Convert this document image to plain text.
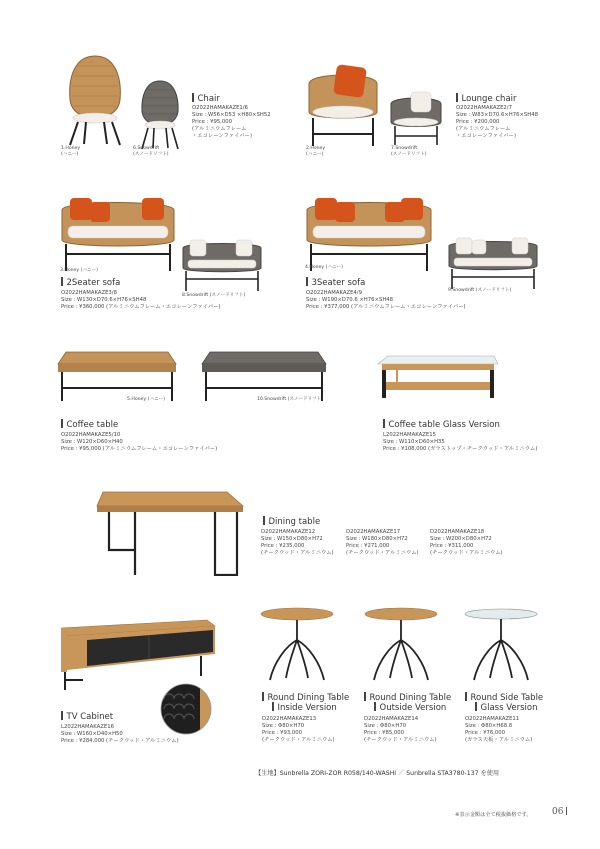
1.Honey
(ハニー)
6.Snowdrift
(スノードリフト)
Chair
O2022HAMAKAZE1/6
Size : W56×D53 ×H80×SH52
Price : ¥95,000
(アルミニウムフレーム
・エコレーンファイバー)
2.Honey
(ハニー)
7.Snowdrift
(スノードリフト)
Lounge chair
O2022HAMAKAZE2/7
Size : W83×D70.6×H76×SH48
Price : ¥200,000
(アルミニウムフレーム
・エコレーンファイバー)
3.Honey (ハニー)
8.Snowdrift (スノードリフト)
2Seater sofa
O2022HAMAKAZE3/8
Size : W130×D70.6×H76×SH48
Price : ¥360,000 (アルミニウムフレーム・エコレーンファイバー)
4.Honey (ハニー)
9.Snowdrift (スノードリフト)
3Seater sofa
O2022HAMAKAZE4/9
Size : W190×D70.6 ×H76×SH48
Price : ¥377,000 (アルミニウムフレーム・エコレーンファイバー)
5.Honey (ハニー)	10.Snowdrift (スノードリフト)
Coffee table
O2022HAMAKAZE5/10
Size : W120×D60×H40
Price : ¥95,000 (アルミニウムフレーム・エコレーンファイバー)
Coffee table Glass Version
L2022HAMAKAZE15
Size : W110×D60×H35
Price : ¥108,000 (ガラストップ・チークウッド・アルミニウム)
Dining table
D2022HAMAKAZE12
Size : W150×D80×H72
Price : ¥235,000
(チークウッド・アルミニウム)
D2022HAMAKAZE17
Size : W180×D80×H72
Price : ¥271,000
(チークウッド・アルミニウム)
D2022HAMAKAZE18
Size : W200×D80×H72
Price : ¥311,000
(チークウッド・アルミニウム)
TV Cabinet
L2022HAMAKAZE16
Size : W160×D40×H50
Price : ¥284,000 (チークウッド・アルミニウム)
Round Dining Table
Inside Version
D2022HAMAKAZE13
Size : Φ80×H70
Price : ¥93,000
(チークウッド・アルミニウム)
Round Dining Table
Outside Version
D2022HAMAKAZE14
Size : Φ80×H70
Price : ¥85,000
(チークウッド・アルミニウム)
Round Side Table
Glass Version
O2022HAMAKAZE11
Size : Φ80×H68.8
Price : ¥76,000
(ガラス天板・アルミニウム)
【生地】Sunbrella ZORI-ZOR R058/140-WASHI ／ Sunbrella STA3780-137 を使用
※表示金額は全て税抜価格です。 06
